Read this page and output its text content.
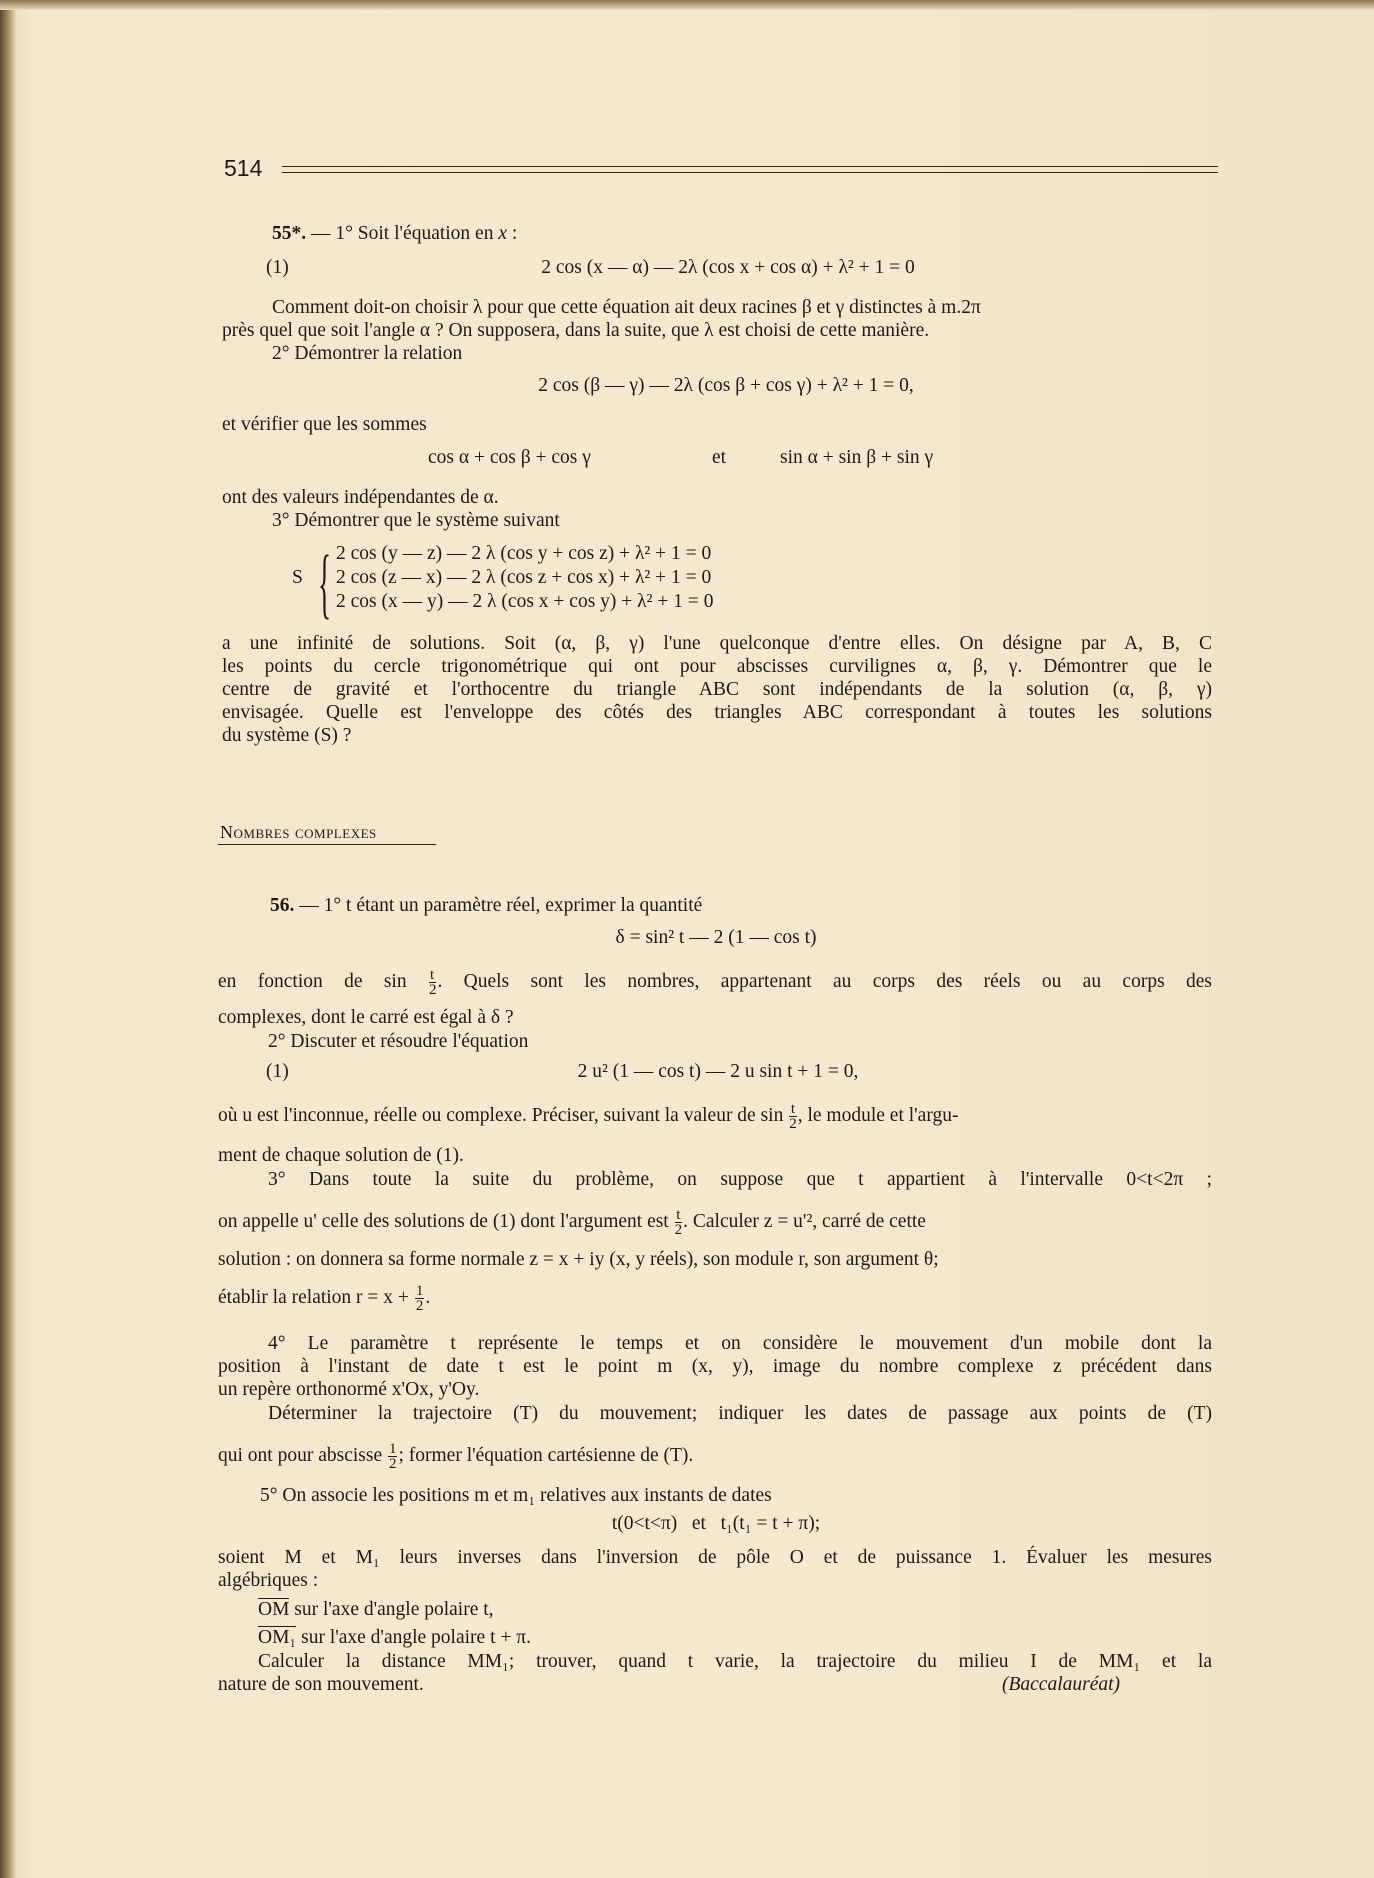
514
55*. — 1° Soit l'équation en x :
(1)	2 cos (x — α) — 2λ (cos x + cos α) + λ² + 1 = 0
Comment doit-on choisir λ pour que cette équation ait deux racines β et γ distinctes à m.2π
près quel que soit l'angle α ? On supposera, dans la suite, que λ est choisi de cette manière.
2° Démontrer la relation
2 cos (β — γ) — 2λ (cos β + cos γ) + λ² + 1 = 0,
et vérifier que les sommes
cos α + cos β + cos γ	et	sin α + sin β + sin γ
ont des valeurs indépendantes de α.
3° Démontrer que le système suivant
S { 2 cos (y — z) — 2 λ (cos y + cos z) + λ² + 1 = 0
2 cos (z — x) — 2 λ (cos z + cos x) + λ² + 1 = 0
2 cos (x — y) — 2 λ (cos x + cos y) + λ² + 1 = 0
a une infinité de solutions. Soit (α, β, γ) l'une quelconque d'entre elles. On désigne par A, B, C
les points du cercle trigonométrique qui ont pour abscisses curvilignes α, β, γ. Démontrer que le
centre de gravité et l'orthocentre du triangle ABC sont indépendants de la solution (α, β, γ)
envisagée. Quelle est l'enveloppe des côtés des triangles ABC correspondant à toutes les solutions
du système (S) ?
Nombres complexes
56. — 1° t étant un paramètre réel, exprimer la quantité
δ = sin² t — 2 (1 — cos t)
en fonction de $\sin \frac{t}{2}$ . Quels sont les nombres, appartenant au corps des réels ou au corps des
complexes, dont le carré est égal à δ ?
2° Discuter et résoudre l'équation
(1)	2 u² (1 — cos t) — 2 u sin t + 1 = 0,
où u est l'inconnue, réelle ou complexe. Préciser, suivant la valeur de $\sin \frac{t}{2}$ , le module et l'argu-
ment de chaque solution de (1).
3° Dans toute la suite du problème, on suppose que t appartient à l'intervalle 0<t<2π ;
on appelle u' celle des solutions de (1) dont l'argument est $\frac{t}{2}$ . Calculer z = u'², carré de cette
solution : on donnera sa forme normale z = x + iy (x, y réels), son module r, son argument θ;
établir la relation $r = x + \frac{1}{2}$ .
4° Le paramètre t représente le temps et on considère le mouvement d'un mobile dont la
position à l'instant de date t est le point m (x, y), image du nombre complexe z précédent dans
un repère orthonormé x'Ox, y'Oy.
Déterminer la trajectoire (T) du mouvement; indiquer les dates de passage aux points de (T)
qui ont pour abscisse $\frac{1}{2}$ ; former l'équation cartésienne de (T).
5° On associe les positions m et m₁ relatives aux instants de dates
t(0<t<π)   et   t₁(t₁ = t + π);
soient M et M₁ leurs inverses dans l'inversion de pôle O et de puissance 1. Évaluer les mesures
algébriques :
OM sur l'axe d'angle polaire t,
OM₁ sur l'axe d'angle polaire t + π.
Calculer la distance MM₁; trouver, quand t varie, la trajectoire du milieu I de MM₁ et la
nature de son mouvement.	(Baccalauréat)
